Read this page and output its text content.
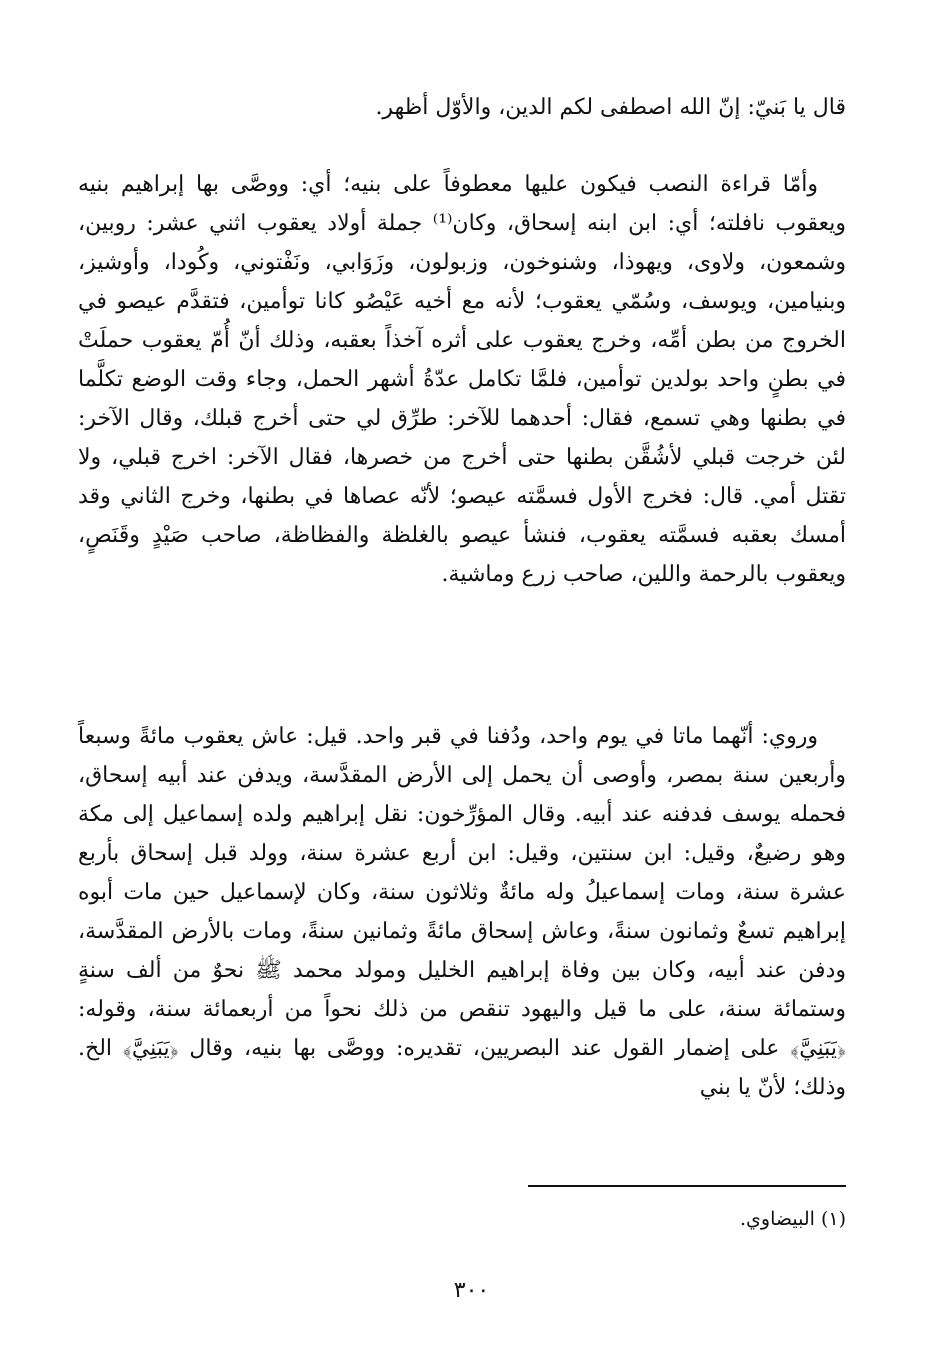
قال يا بَنيّ: إنّ الله اصطفى لكم الدين، والأوّل أظهر.

وأمّا قراءة النصب فيكون عليها معطوفاً على بنيه؛ أي: ووصَّى بها إبراهيم بنيه ويعقوب نافلته؛ أي: ابن ابنه إسحاق، وكان⁽¹⁾ جملة أولاد يعقوب اثني عشر: روبين، وشمعون، ولاوى، ويهوذا، وشنوخون، وزبولون، وزَوَابي، ونَفْتوني، وكُودا، وأوشيز، وبنيامين، ويوسف، وسُمّي يعقوب؛ لأنه مع أخيه عَيْصُو كانا توأمين، فتقدَّم عيصو في الخروج من بطن أمِّه، وخرج يعقوب على أثره آخذاً بعقبه، وذلك أنّ أُمّ يعقوب حملَتْ في بطنٍ واحد بولدين توأمين، فلمَّا تكامل عدّةُ أشهر الحمل، وجاء وقت الوضع تكلَّما في بطنها وهي تسمع، فقال: أحدهما للآخر: طرِّق لي حتى أخرج قبلك، وقال الآخر: لئن خرجت قبلي لأشُقَّن بطنها حتى أخرج من خصرها، فقال الآخر: اخرج قبلي، ولا تقتل أمي. قال: فخرج الأول فسمَّته عيصو؛ لأنّه عصاها في بطنها، وخرج الثاني وقد أمسك بعقبه فسمَّته يعقوب، فنشأ عيصو بالغلظة والفظاظة، صاحب صَيْدٍ وقَنَصٍ، ويعقوب بالرحمة واللين، صاحب زرع وماشية.

وروي: أنّهما ماتا في يوم واحد، ودُفنا في قبر واحد. قيل: عاش يعقوب مائةً وسبعاً وأربعين سنة بمصر، وأوصى أن يحمل إلى الأرض المقدَّسة، ويدفن عند أبيه إسحاق، فحمله يوسف فدفنه عند أبيه. وقال المؤرِّخون: نقل إبراهيم ولده إسماعيل إلى مكة وهو رضيعٌ، وقيل: ابن سنتين، وقيل: ابن أربع عشرة سنة، وولد قبل إسحاق بأربع عشرة سنة، ومات إسماعيلُ وله مائةٌ وثلاثون سنة، وكان لإسماعيل حين مات أبوه إبراهيم تسعٌ وثمانون سنةً، وعاش إسحاق مائةً وثمانين سنةً، ومات بالأرض المقدَّسة، ودفن عند أبيه، وكان بين وفاة إبراهيم الخليل ومولد محمد ﷺ نحوٌ من ألف سنةٍ وستمائة سنة، على ما قيل واليهود تنقص من ذلك نحواً من أربعمائة سنة، وقوله: ﴿يَبَنِيَّ﴾ على إضمار القول عند البصريين، تقديره: ووصَّى بها بنيه، وقال ﴿يَبَنِيَّ﴾ الخ. وذلك؛ لأنّ يا بني

(١) البيضاوي.
٣٠٠
